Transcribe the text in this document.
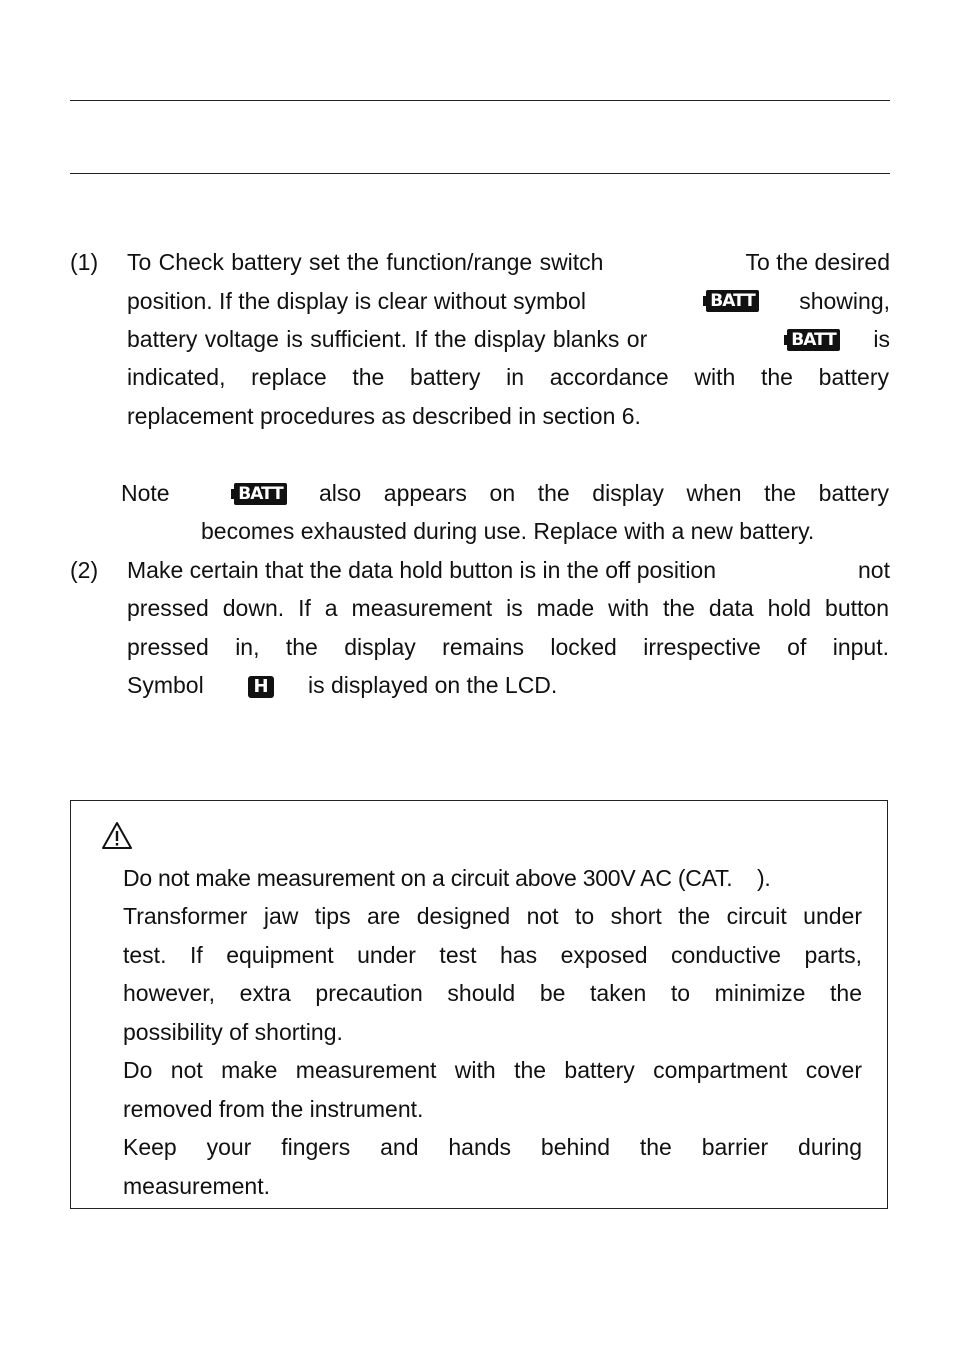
(1) To Check battery set the function/range switch	To the desired
position. If the display is clear without symbol	BATT showing,
battery voltage is sufficient. If the display blanks or	BATT is
indicated, replace the battery in accordance with the battery
replacement procedures as described in section 6.
Note	BATT also appears on the display when the battery
becomes exhausted during use. Replace with a new battery.
(2) Make certain that the data hold button is in the off position	not
pressed down. If a measurement is made with the data hold button
pressed in, the display remains locked irrespective of input.
Symbol	H is displayed on the LCD.
Do not make measurement on a circuit above 300V AC (CAT.    ).
Transformer jaw tips are designed not to short the circuit under
test. If equipment under test has exposed conductive parts,
however, extra precaution should be taken to minimize the
possibility of shorting.
Do not make measurement with the battery compartment cover
removed from the instrument.
Keep your fingers and hands behind the barrier during
measurement.
